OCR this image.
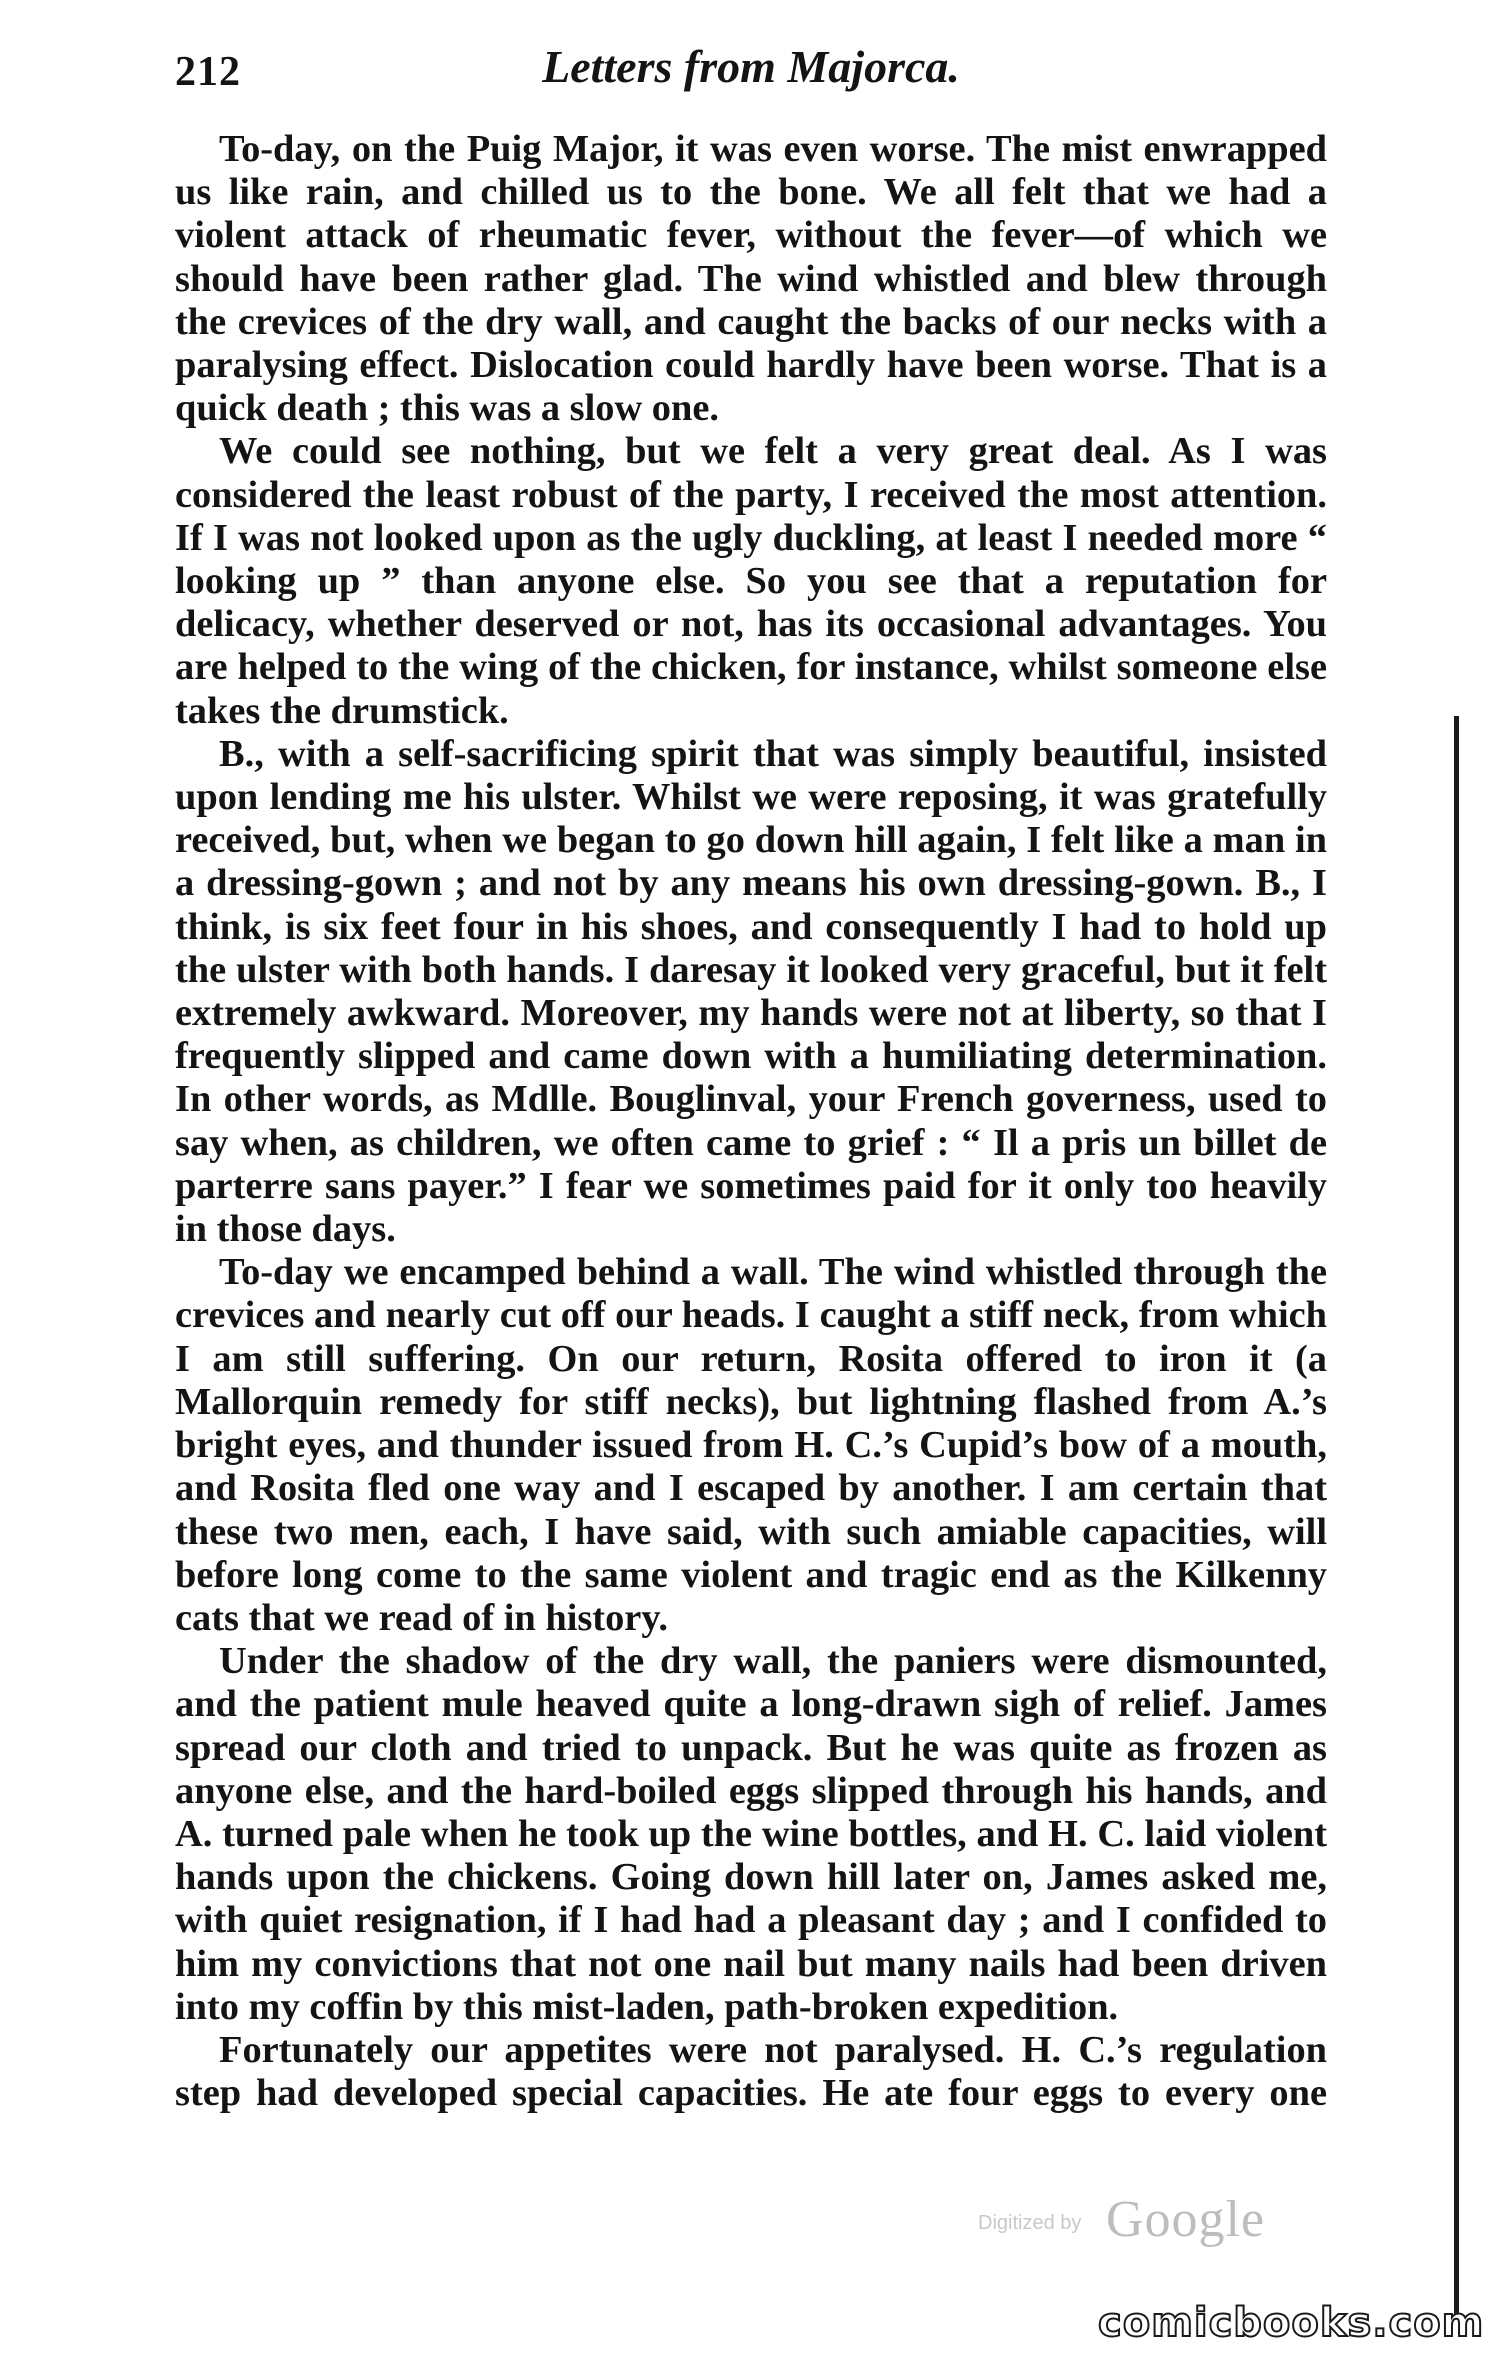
212	Letters from Majorca.

To-day, on the Puig Major, it was even worse. The mist enwrapped us like rain, and chilled us to the bone. We all felt that we had a violent attack of rheumatic fever, without the fever—of which we should have been rather glad. The wind whistled and blew through the crevices of the dry wall, and caught the backs of our necks with a paralysing effect. Dislocation could hardly have been worse. That is a quick death ; this was a slow one.

We could see nothing, but we felt a very great deal. As I was considered the least robust of the party, I received the most attention. If I was not looked upon as the ugly duckling, at least I needed more “ looking up ” than anyone else. So you see that a reputation for delicacy, whether deserved or not, has its occasional advantages. You are helped to the wing of the chicken, for instance, whilst someone else takes the drumstick.

B., with a self-sacrificing spirit that was simply beautiful, insisted upon lending me his ulster. Whilst we were reposing, it was gratefully received, but, when we began to go down hill again, I felt like a man in a dressing-gown ; and not by any means his own dressing-gown. B., I think, is six feet four in his shoes, and consequently I had to hold up the ulster with both hands. I daresay it looked very graceful, but it felt extremely awkward. Moreover, my hands were not at liberty, so that I frequently slipped and came down with a humiliating determination. In other words, as Mdlle. Bouglinval, your French governess, used to say when, as children, we often came to grief : “ Il a pris un billet de parterre sans payer.” I fear we sometimes paid for it only too heavily in those days.

To-day we encamped behind a wall. The wind whistled through the crevices and nearly cut off our heads. I caught a stiff neck, from which I am still suffering. On our return, Rosita offered to iron it (a Mallorquin remedy for stiff necks), but lightning flashed from A.’s bright eyes, and thunder issued from H. C.’s Cupid’s bow of a mouth, and Rosita fled one way and I escaped by another. I am certain that these two men, each, I have said, with such amiable capacities, will before long come to the same violent and tragic end as the Kilkenny cats that we read of in history.

Under the shadow of the dry wall, the paniers were dismounted, and the patient mule heaved quite a long-drawn sigh of relief. James spread our cloth and tried to unpack. But he was quite as frozen as anyone else, and the hard-boiled eggs slipped through his hands, and A. turned pale when he took up the wine bottles, and H. C. laid violent hands upon the chickens. Going down hill later on, James asked me, with quiet resignation, if I had had a pleasant day ; and I confided to him my convictions that not one nail but many nails had been driven into my coffin by this mist-laden, path-broken expedition.

Fortunately our appetites were not paralysed. H. C.’s regulation step had developed special capacities. He ate four eggs to every one

Digitized by Google
comicbooks.com
